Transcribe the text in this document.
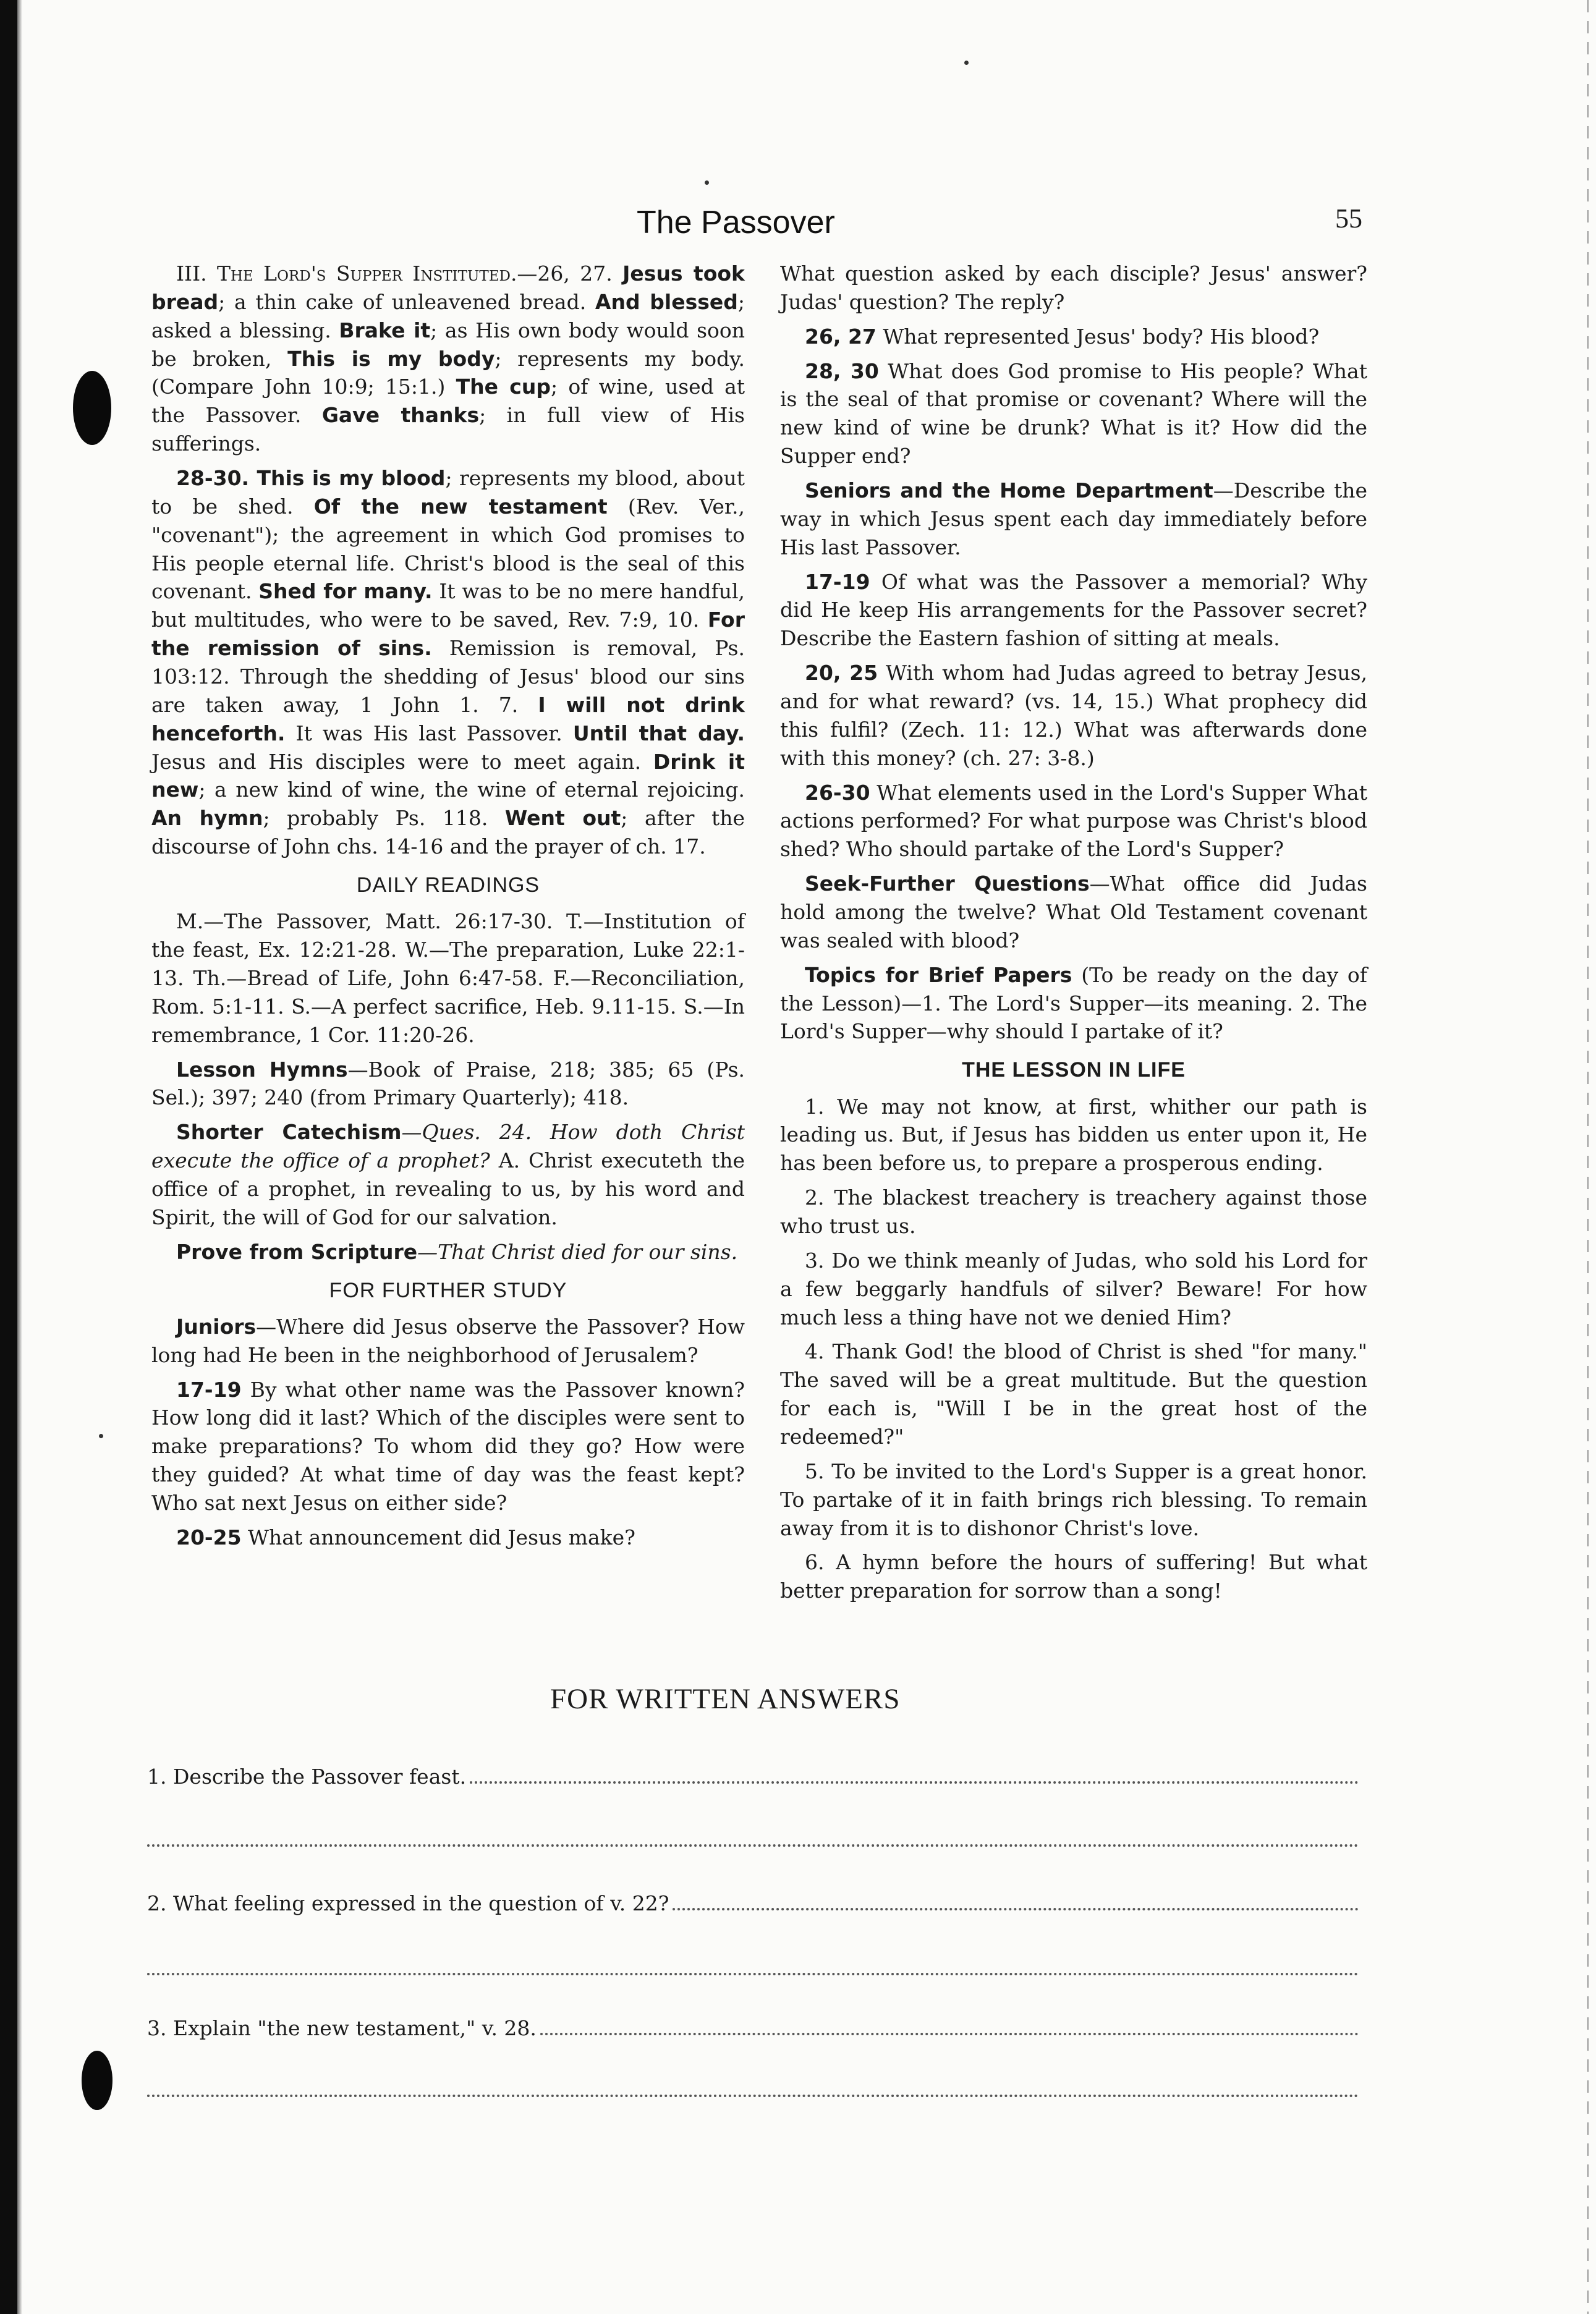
The Passover	55

III. The Lord's Supper Instituted.—26, 27. Jesus took bread; a thin cake of unleavened bread. And blessed; asked a blessing. Brake it; as His own body would soon be broken, This is my body; represents my body. (Compare John 10:9; 15:1.) The cup; of wine, used at the Passover. Gave thanks; in full view of His sufferings.

28-30. This is my blood; represents my blood, about to be shed. Of the new testament (Rev. Ver., "covenant"); the agreement in which God promises to His people eternal life. Christ's blood is the seal of this covenant. Shed for many. It was to be no mere handful, but multitudes, who were to be saved, Rev. 7:9, 10. For the remission of sins. Remission is removal, Ps. 103:12. Through the shedding of Jesus' blood our sins are taken away, 1 John 1. 7. I will not drink henceforth. It was His last Passover. Until that day. Jesus and His disciples were to meet again. Drink it new; a new kind of wine, the wine of eternal rejoicing. An hymn; probably Ps. 118. Went out; after the discourse of John chs. 14-16 and the prayer of ch. 17.

DAILY READINGS

M.—The Passover, Matt. 26:17-30. T.—Institution of the feast, Ex. 12:21-28. W.—The preparation, Luke 22:1-13. Th.—Bread of Life, John 6:47-58. F.—Reconciliation, Rom. 5:1-11. S.—A perfect sacrifice, Heb. 9.11-15. S.—In remembrance, 1 Cor. 11:20-26.

Lesson Hymns—Book of Praise, 218; 385; 65 (Ps. Sel.); 397; 240 (from Primary Quarterly); 418.

Shorter Catechism—Ques. 24. How doth Christ execute the office of a prophet? A. Christ executeth the office of a prophet, in revealing to us, by his word and Spirit, the will of God for our salvation.

Prove from Scripture—That Christ died for our sins.

FOR FURTHER STUDY

Juniors—Where did Jesus observe the Passover? How long had He been in the neighborhood of Jerusalem?

17-19 By what other name was the Passover known? How long did it last? Which of the disciples were sent to make preparations? To whom did they go? How were they guided? At what time of day was the feast kept? Who sat next Jesus on either side?

20-25 What announcement did Jesus make?

What question asked by each disciple? Jesus' answer? Judas' question? The reply?

26, 27 What represented Jesus' body? His blood?

28, 30 What does God promise to His people? What is the seal of that promise or covenant? Where will the new kind of wine be drunk? What is it? How did the Supper end?

Seniors and the Home Department—Describe the way in which Jesus spent each day immediately before His last Passover.

17-19 Of what was the Passover a memorial? Why did He keep His arrangements for the Passover secret? Describe the Eastern fashion of sitting at meals.

20, 25 With whom had Judas agreed to betray Jesus, and for what reward? (vs. 14, 15.) What prophecy did this fulfil? (Zech. 11: 12.) What was afterwards done with this money? (ch. 27: 3-8.)

26-30 What elements used in the Lord's Supper What actions performed? For what purpose was Christ's blood shed? Who should partake of the Lord's Supper?

Seek-Further Questions—What office did Judas hold among the twelve? What Old Testament covenant was sealed with blood?

Topics for Brief Papers (To be ready on the day of the Lesson)—1. The Lord's Supper—its meaning. 2. The Lord's Supper—why should I partake of it?

THE LESSON IN LIFE

1. We may not know, at first, whither our path is leading us. But, if Jesus has bidden us enter upon it, He has been before us, to prepare a prosperous ending.

2. The blackest treachery is treachery against those who trust us.

3. Do we think meanly of Judas, who sold his Lord for a few beggarly handfuls of silver? Beware! For how much less a thing have not we denied Him?

4. Thank God! the blood of Christ is shed "for many." The saved will be a great multitude. But the question for each is, "Will I be in the great host of the redeemed?"

5. To be invited to the Lord's Supper is a great honor. To partake of it in faith brings rich blessing. To remain away from it is to dishonor Christ's love.

6. A hymn before the hours of suffering! But what better preparation for sorrow than a song!

FOR WRITTEN ANSWERS
1. Describe the Passover feast.
2. What feeling expressed in the question of v. 22?
3. Explain "the new testament," v. 28.
